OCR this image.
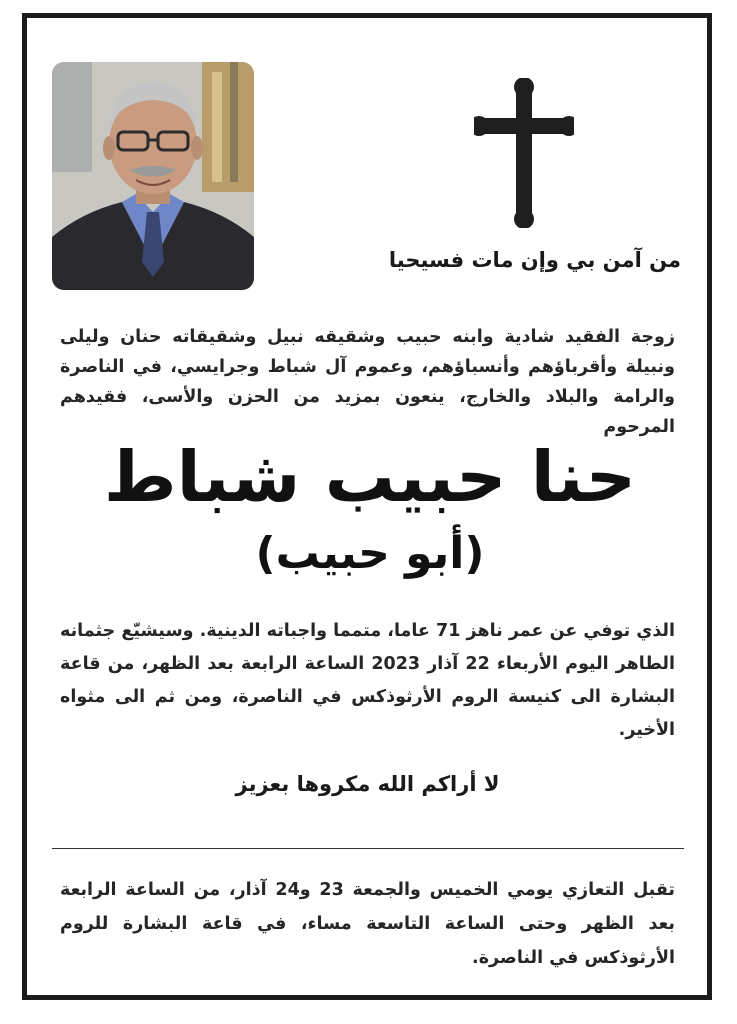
من آمن بي وإن مات فسيحيا
زوجة الفقيد شادية وابنه حبيب وشقيقه نبيل وشقيقاته حنان وليلى ونبيلة وأقرباؤهم وأنسباؤهم، وعموم آل شباط وجرايسي، في الناصرة والرامة والبلاد والخارج، ينعون بمزيد من الحزن والأسى، فقيدهم المرحوم
حنا حبيب شباط
(أبو حبيب)
الذي توفي عن عمر ناهز 71 عاما، متمما واجباته الدينية. وسيشيّع جثمانه الطاهر اليوم الأربعاء 22 آذار 2023 الساعة الرابعة بعد الظهر، من قاعة البشارة الى كنيسة الروم الأرثوذكس في الناصرة، ومن ثم الى مثواه الأخير.
لا أراكم الله مكروها بعزيز
تقبل التعازي يومي الخميس والجمعة 23 و24 آذار، من الساعة الرابعة بعد الظهر وحتى الساعة التاسعة مساء، في قاعة البشارة للروم الأرثوذكس في الناصرة.
